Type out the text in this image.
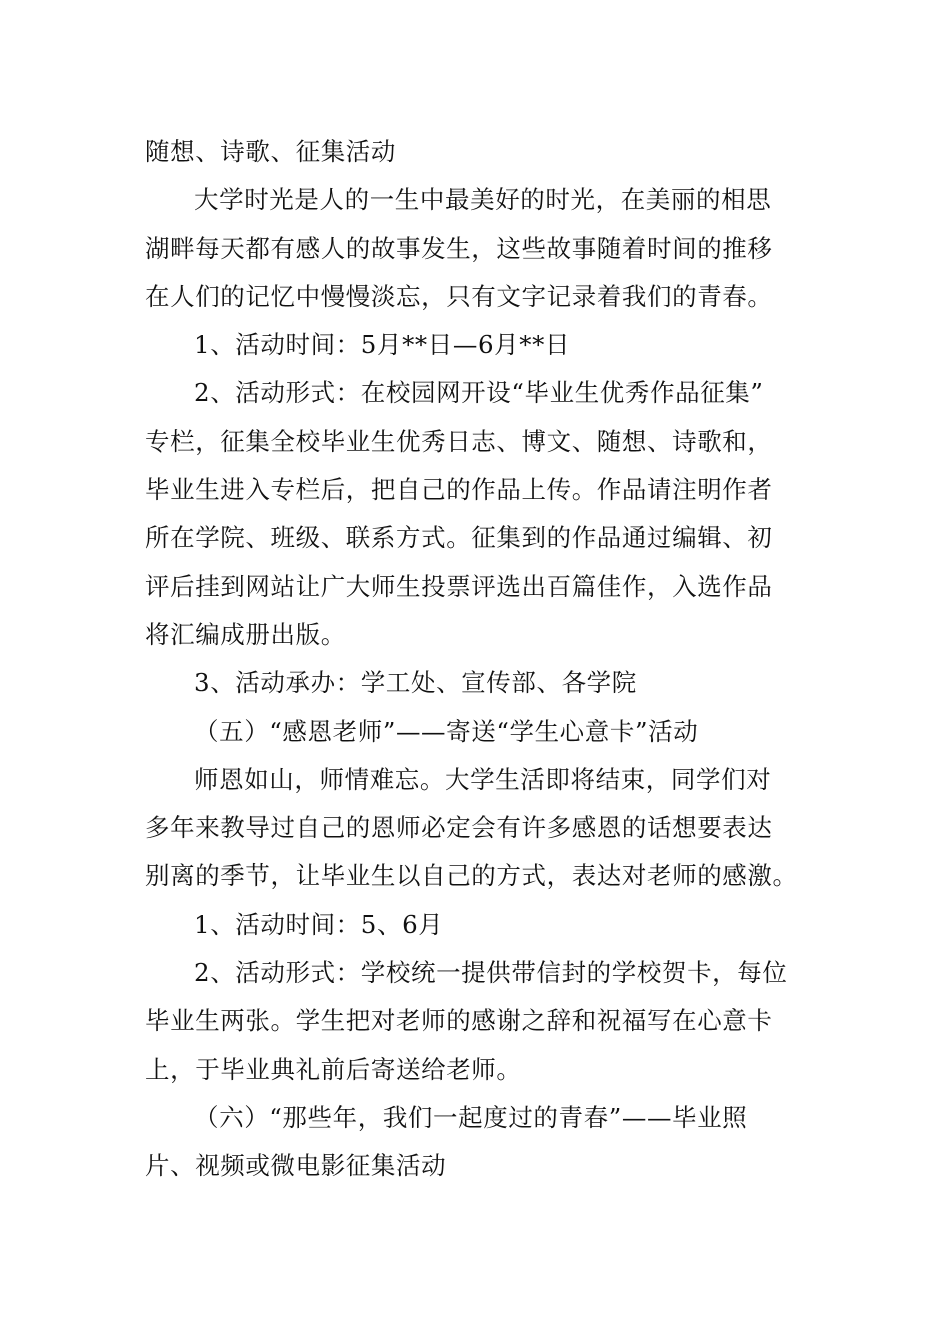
随想、诗歌、征集活动
大学时光是人的一生中最美好的时光，在美丽的相思
湖畔每天都有感人的故事发生，这些故事随着时间的推移
在人们的记忆中慢慢淡忘，只有文字记录着我们的青春。
1、活动时间：5月**日—6月**日
2、活动形式：在校园网开设“毕业生优秀作品征集”
专栏，征集全校毕业生优秀日志、博文、随想、诗歌和，
毕业生进入专栏后，把自己的作品上传。作品请注明作者
所在学院、班级、联系方式。征集到的作品通过编辑、初
评后挂到网站让广大师生投票评选出百篇佳作，入选作品
将汇编成册出版。
3、活动承办：学工处、宣传部、各学院
（五）“感恩老师”——寄送“学生心意卡”活动
师恩如山，师情难忘。大学生活即将结束，同学们对
多年来教导过自己的恩师必定会有许多感恩的话想要表达
别离的季节，让毕业生以自己的方式，表达对老师的感激。
1、活动时间：5、6月
2、活动形式：学校统一提供带信封的学校贺卡，每位
毕业生两张。学生把对老师的感谢之辞和祝福写在心意卡
上，于毕业典礼前后寄送给老师。
（六）“那些年，我们一起度过的青春”——毕业照
片、视频或微电影征集活动
